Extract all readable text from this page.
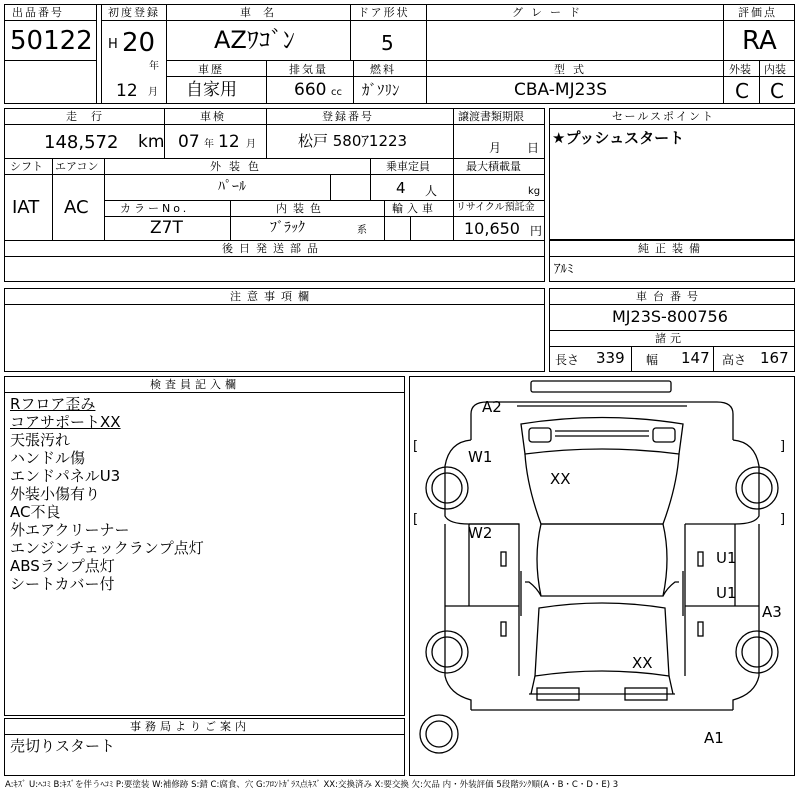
出品番号
50122
初度登録
H 20
年
12 月
車名
AZﾜｺﾞﾝ
ドア形状
5
グレード	評価点
RA
車歴
自家用
排気量
660 cc
燃料
ｶﾞｿﾘﾝ
型式
CBA-MJ23S
外装 内装
C C
走行
148,572 km
車検
07 年 12 月
登録番号
松戸 580ｱ1223
譲渡書類期限
月 日
シフト
IAT
エアコン
AC
外装色
ﾊﾟｰﾙ
乗車定員
4 人
最大積載量
kg
カラーNo.
Z7T
内装色
ﾌﾞﾗｯｸ	系
輸入車 リサイクル預託金
10,650 円
後日発送部品
セールスポイント
★プッシュスタート
純正装備
ｱﾙﾐ
注意事項欄	車台番号
MJ23S-800756
諸元
長さ 339 幅 147 高さ 167
検査員記入欄
Rフロア歪み
コアサポートXX
天張汚れ
ハンドル傷
エンドパネルU3
外装小傷有り
AC不良
外エアクリーナー
エンジンチェックランプ点灯
ABSランプ点灯
シートカバー付
事務局よりご案内
売切りスタート
A2
W1
XX
W2
U1
U1
A3
XX
A1
[
[
]
]
A:ｷｽﾞ U:ﾍｺﾐ B:ｷｽﾞを伴うﾍｺﾐ P:要塗装 W:補修跡 S:錆 C:腐食、穴 G:ﾌﾛﾝﾄｶﾞﾗｽ点ｷｽﾞ XX:交換済み X:要交換 欠:欠品 内・外装評価 5段階ﾗﾝｸ順(A・B・C・D・E) 3
